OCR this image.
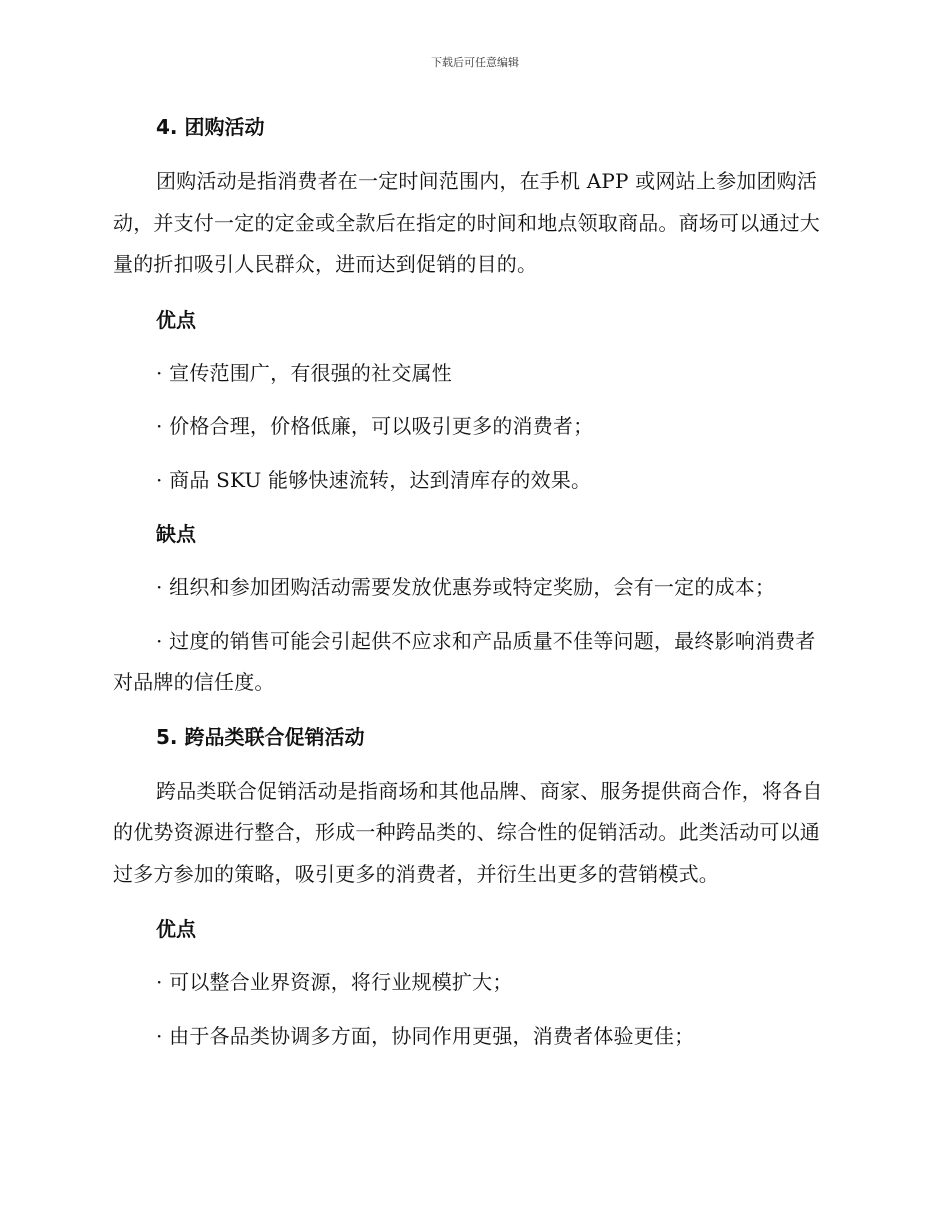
下载后可任意编辑
4. 团购活动

团购活动是指消费者在一定时间范围内，在手机 APP 或网站上参加团购活动，并支付一定的定金或全款后在指定的时间和地点领取商品。商场可以通过大量的折扣吸引人民群众，进而达到促销的目的。

优点

· 宣传范围广，有很强的社交属性

· 价格合理，价格低廉，可以吸引更多的消费者；

· 商品 SKU 能够快速流转，达到清库存的效果。

缺点

· 组织和参加团购活动需要发放优惠券或特定奖励，会有一定的成本；

· 过度的销售可能会引起供不应求和产品质量不佳等问题，最终影响消费者对品牌的信任度。

5. 跨品类联合促销活动

跨品类联合促销活动是指商场和其他品牌、商家、服务提供商合作，将各自的优势资源进行整合，形成一种跨品类的、综合性的促销活动。此类活动可以通过多方参加的策略，吸引更多的消费者，并衍生出更多的营销模式。

优点

· 可以整合业界资源，将行业规模扩大；

· 由于各品类协调多方面，协同作用更强，消费者体验更佳；
